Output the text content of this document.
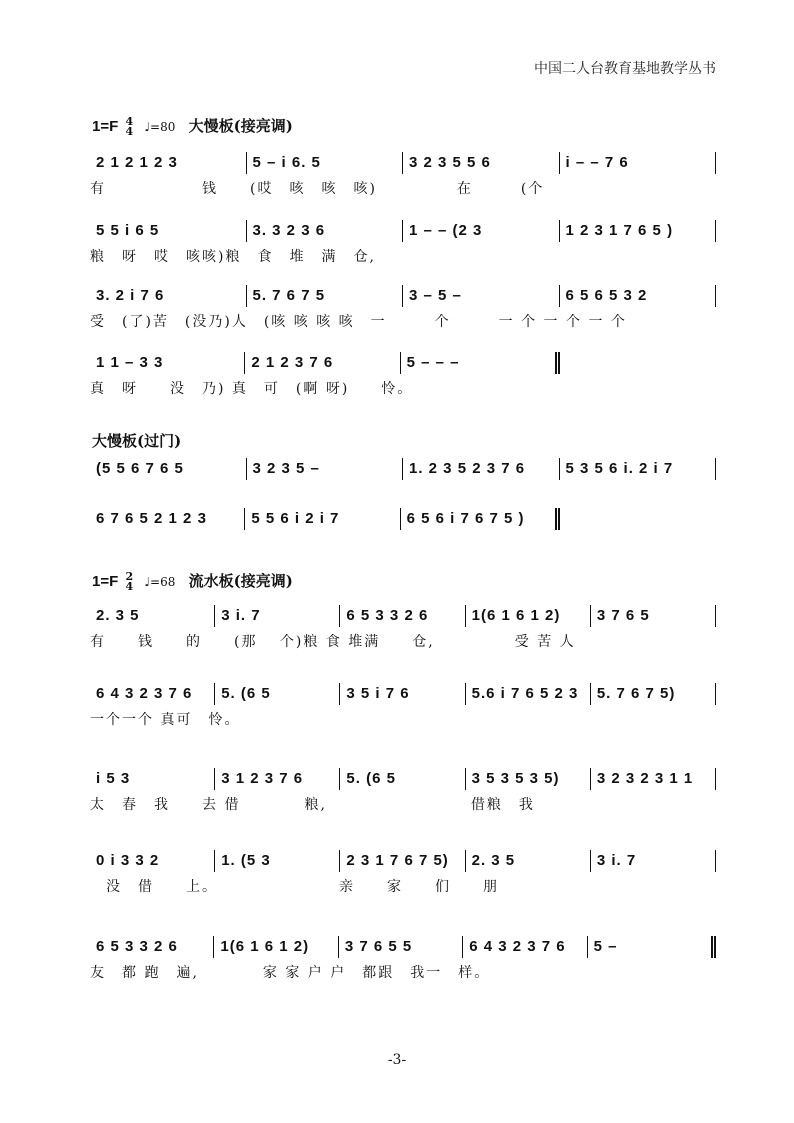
中国二人台教育基地教学丛书
1=F 4
4 ♩=80 大慢板(接亮调)
2 1 2 1 2 3	5 – i 6. 5	3 2 3 5 5 6	i – – 7 6
有　　　　　　钱　　(哎　咳　咳　咳)　　　　　在　　　(个
5 5 i 6 5	3. 3 2 3 6	1 – – (2 3	1 2 3 1 7 6 5 )
粮　呀　哎　咳咳)粮　食　堆　满　仓,　　　　　　　　　　　　　　　
3. 2 i 7 6	5. 7 6 7 5	3 – 5 –	6 5 6 5 3 2
受　(了)苦　(没乃)人　(咳 咳 咳 咳　一　　　个　　　一 个 一 个 一 个
1 1 – 3 3	2 1 2 3 7 6	5 – – –
真　呀　　没　乃) 真　可　(啊 呀)　　怜。
大慢板(过门)
(5 5 6 7 6 5	3 2 3 5 –	1. 2 3 5 2 3 7 6	5 3 5 6 i. 2 i 7
6 7 6 5 2 1 2 3	5 5 6 i 2 i 7	6 5 6 i 7 6 7 5 )
1=F 2
4 ♩=68 流水板(接亮调)
2. 3 5	3 i. 7	6 5 3 3 2 6	1(6 1 6 1 2)	3 7 6 5
有　　钱　　的　　(那　 个)粮 食 堆满　　仓,　　　　　受 苦 人
6 4 3 2 3 7 6	5. (6 5	3 5 i 7 6	5.6 i 7 6 5 2 3	5. 7 6 7 5)
一个一个 真可　怜。
i 5 3	3 1 2 3 7 6	5. (6 5	3 5 3 5 3 5)	3 2 3 2 3 1 1
太　春　我　　去 借　　　　粮,　　　　　　　　　借粮　我
0 i 3 3 2	1. (5 3	2 3 1 7 6 7 5)	2. 3 5	3 i. 7
　没　借　　上。　　　　　　　　亲　　家　　们　　朋
6 5 3 3 2 6	1(6 1 6 1 2)	3 7 6 5 5	6 4 3 2 3 7 6	5 –
友　都 跑　遍,　　　　家 家 户 户　都跟　我一　样。
-3-
